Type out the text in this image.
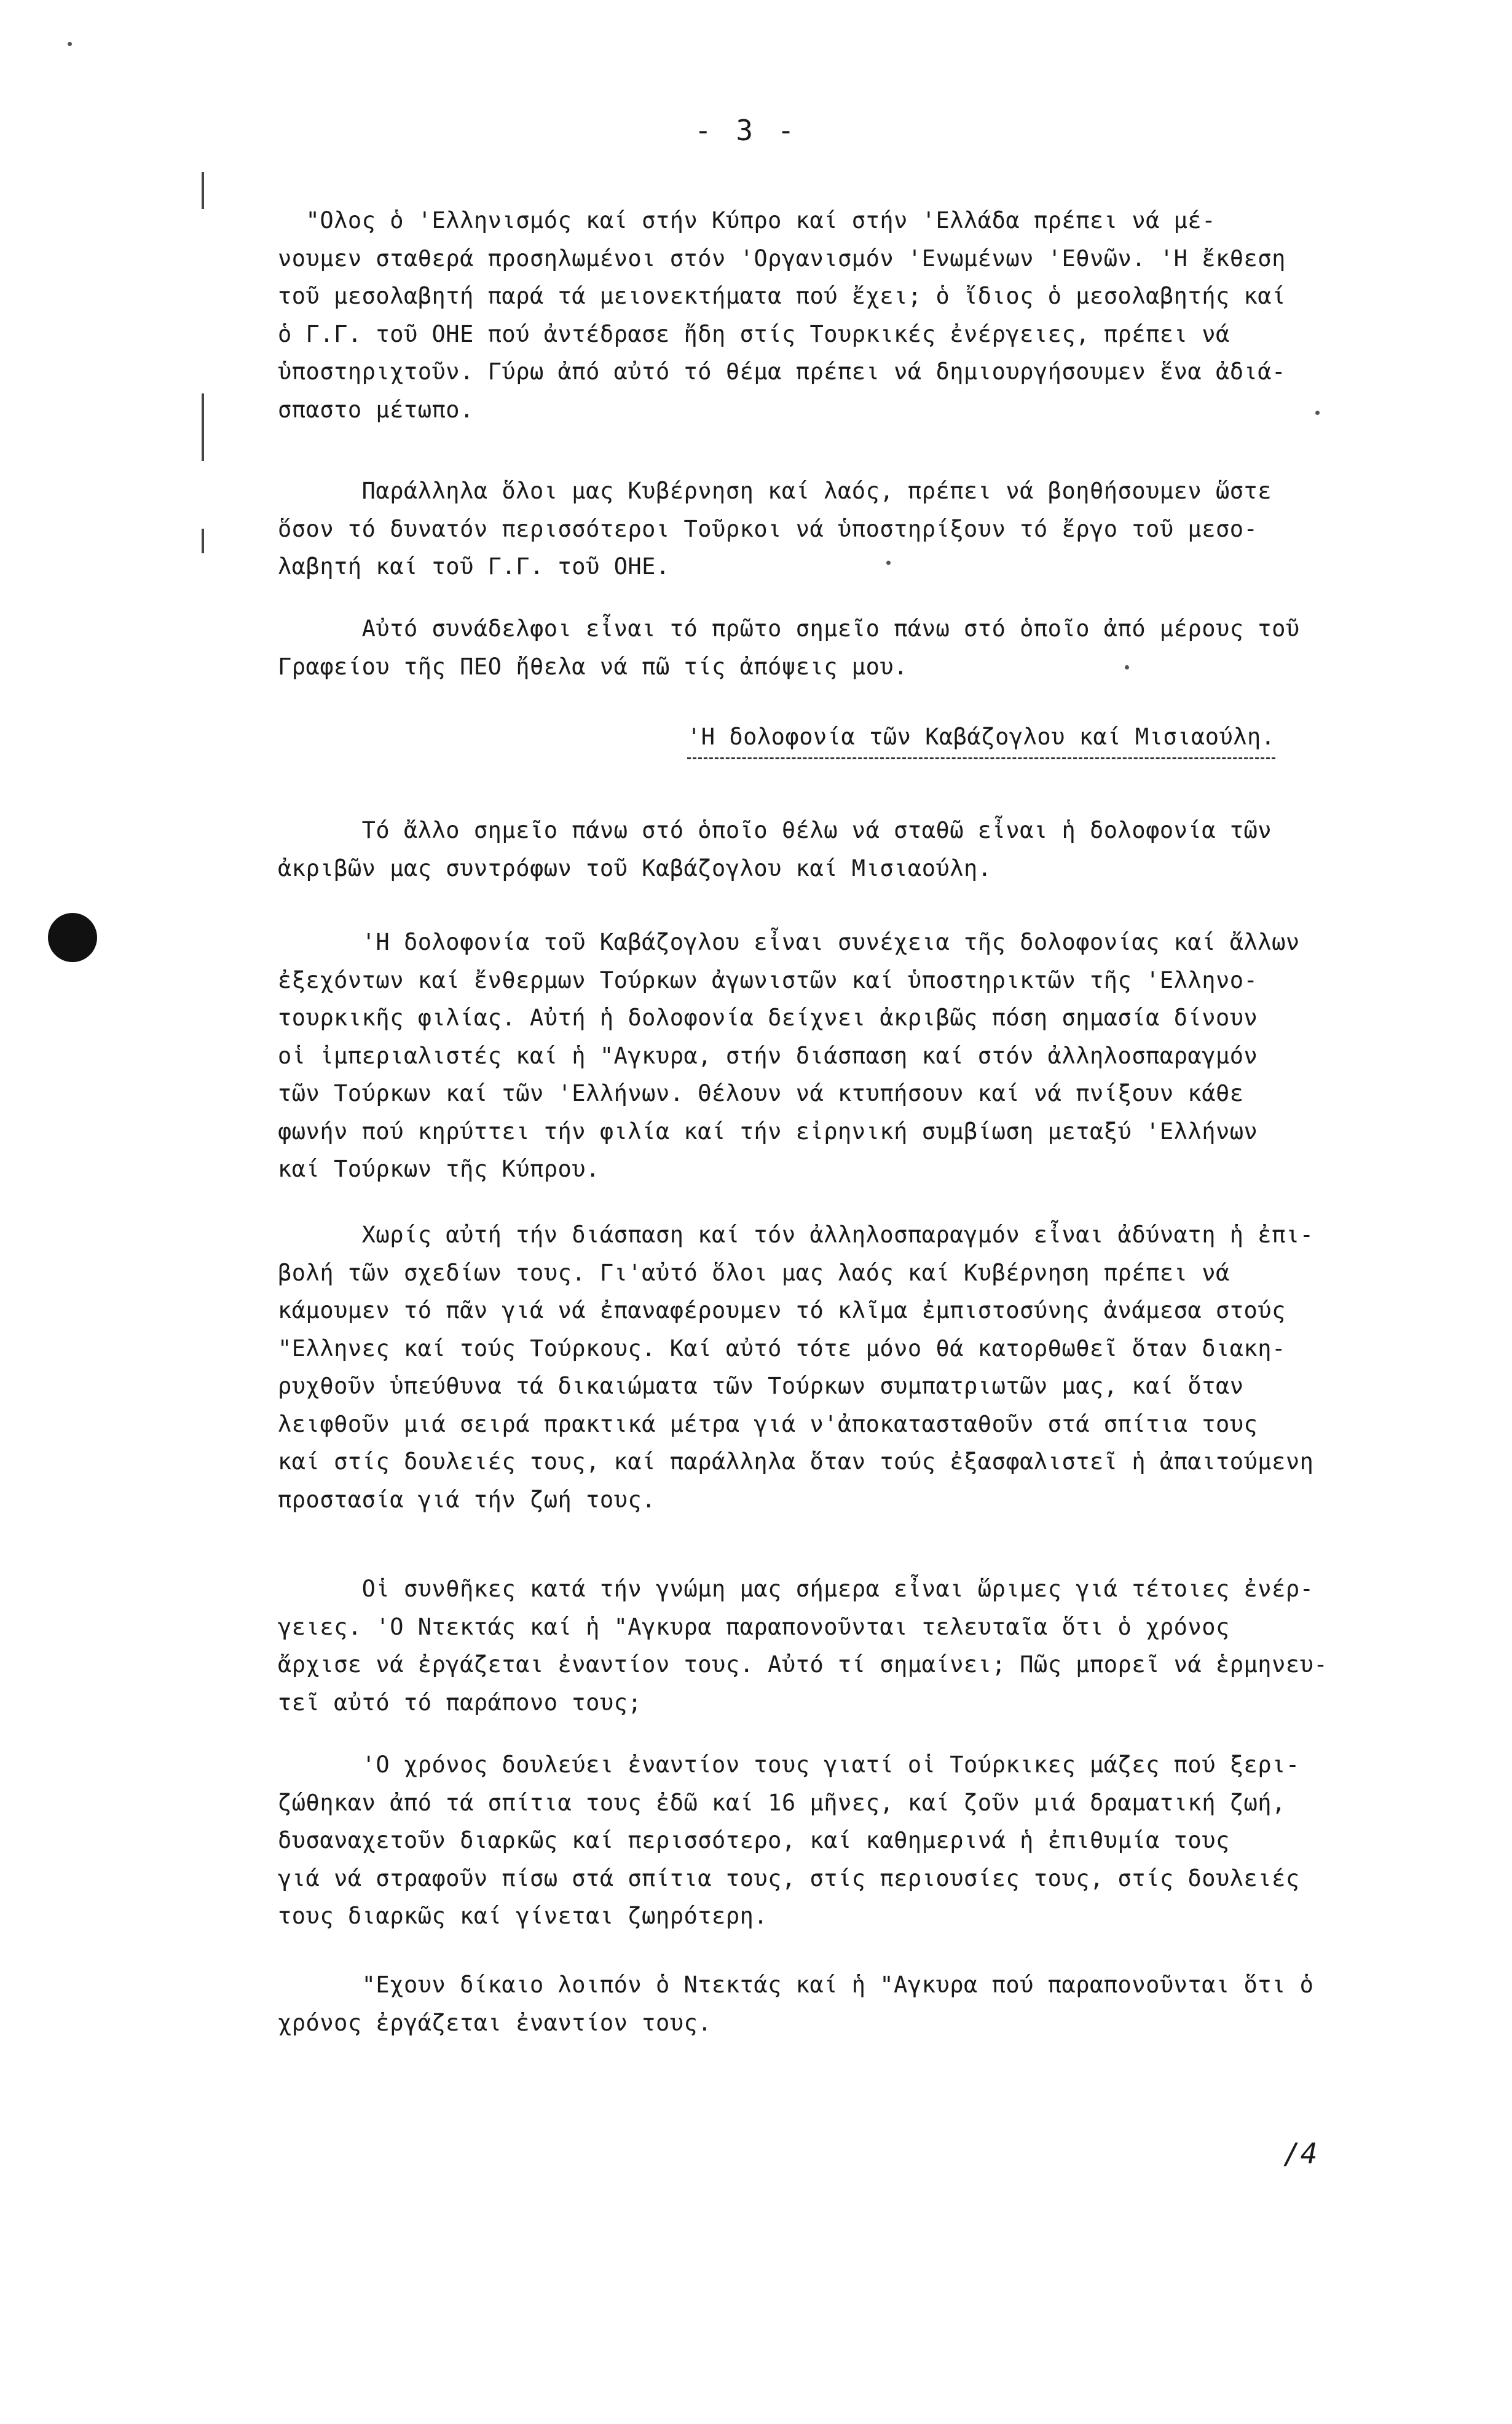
- 3 -

"Ολος ὁ 'Ελληνισμός καί στήν Κύπρο καί στήν 'Ελλάδα πρέπει νά μέ-
νουμεν σταθερά προσηλωμένοι στόν 'Οργανισμόν 'Ενωμένων 'Εθνῶν. 'Η ἔκθεση
τοῦ μεσολαβητή παρά τά μειονεκτήματα πού ἔχει; ὁ ἴδιος ὁ μεσολαβητής καί
ὁ Γ.Γ. τοῦ ΟΗΕ πού ἀντέδρασε ἤδη στίς Τουρκικές ἐνέργειες, πρέπει νά
ὑποστηριχτοῦν. Γύρω ἀπό αὐτό τό θέμα πρέπει νά δημιουργήσουμεν ἕνα ἀδιά-
σπαστο μέτωπο.

Παράλληλα ὅλοι μας Κυβέρνηση καί λαός, πρέπει νά βοηθήσουμεν ὥστε
ὅσον τό δυνατόν περισσότεροι Τοῦρκοι νά ὑποστηρίξουν τό ἔργο τοῦ μεσο-
λαβητή καί τοῦ Γ.Γ. τοῦ ΟΗΕ.

Αὐτό συνάδελφοι εἶναι τό πρῶτο σημεῖο πάνω στό ὁποῖο ἀπό μέρους τοῦ
Γραφείου τῆς ΠΕΟ ἤθελα νά πῶ τίς ἀπόψεις μου.

'Η δολοφονία τῶν Καβάζογλου καί Μισιαούλη.

Τό ἄλλο σημεῖο πάνω στό ὁποῖο θέλω νά σταθῶ εἶναι ἡ δολοφονία τῶν
ἀκριβῶν μας συντρόφων τοῦ Καβάζογλου καί Μισιαούλη.

'Η δολοφονία τοῦ Καβάζογλου εἶναι συνέχεια τῆς δολοφονίας καί ἄλλων
ἐξεχόντων καί ἔνθερμων Τούρκων ἀγωνιστῶν καί ὑποστηρικτῶν τῆς 'Ελληνο-
τουρκικῆς φιλίας. Αὐτή ἡ δολοφονία δείχνει ἀκριβῶς πόση σημασία δίνουν
οἱ ἰμπεριαλιστές καί ἡ "Αγκυρα, στήν διάσπαση καί στόν ἀλληλοσπαραγμόν
τῶν Τούρκων καί τῶν 'Ελλήνων. Θέλουν νά κτυπήσουν καί νά πνίξουν κάθε
φωνήν πού κηρύττει τήν φιλία καί τήν εἰρηνική συμβίωση μεταξύ 'Ελλήνων
καί Τούρκων τῆς Κύπρου.

Χωρίς αὐτή τήν διάσπαση καί τόν ἀλληλοσπαραγμόν εἶναι ἀδύνατη ἡ ἐπι-
βολή τῶν σχεδίων τους. Γι'αὐτό ὅλοι μας λαός καί Κυβέρνηση πρέπει νά
κάμουμεν τό πᾶν γιά νά ἐπαναφέρουμεν τό κλῖμα ἐμπιστοσύνης ἀνάμεσα στούς
"Ελληνες καί τούς Τούρκους. Καί αὐτό τότε μόνο θά κατορθωθεῖ ὅταν διακη-
ρυχθοῦν ὑπεύθυνα τά δικαιώματα τῶν Τούρκων συμπατριωτῶν μας, καί ὅταν
λειφθοῦν μιά σειρά πρακτικά μέτρα γιά ν'ἀποκατασταθοῦν στά σπίτια τους
καί στίς δουλειές τους, καί παράλληλα ὅταν τούς ἐξασφαλιστεῖ ἡ ἀπαιτούμενη
προστασία γιά τήν ζωή τους.

Οἱ συνθῆκες κατά τήν γνώμη μας σήμερα εἶναι ὥριμες γιά τέτοιες ἐνέρ-
γειες. 'Ο Ντεκτάς καί ἡ "Αγκυρα παραπονοῦνται τελευταῖα ὅτι ὁ χρόνος
ἄρχισε νά ἐργάζεται ἐναντίον τους. Αὐτό τί σημαίνει; Πῶς μπορεῖ νά ἑρμηνευ-
τεῖ αὐτό τό παράπονο τους;

'Ο χρόνος δουλεύει ἐναντίον τους γιατί οἱ Τούρκικες μάζες πού ξερι-
ζώθηκαν ἀπό τά σπίτια τους ἐδῶ καί 16 μῆνες, καί ζοῦν μιά δραματική ζωή,
δυσαναχετοῦν διαρκῶς καί περισσότερο, καί καθημερινά ἡ ἐπιθυμία τους
γιά νά στραφοῦν πίσω στά σπίτια τους, στίς περιουσίες τους, στίς δουλειές
τους διαρκῶς καί γίνεται ζωηρότερη.

"Εχουν δίκαιο λοιπόν ὁ Ντεκτάς καί ἡ "Αγκυρα πού παραπονοῦνται ὅτι ὁ
χρόνος ἐργάζεται ἐναντίον τους.

/4
